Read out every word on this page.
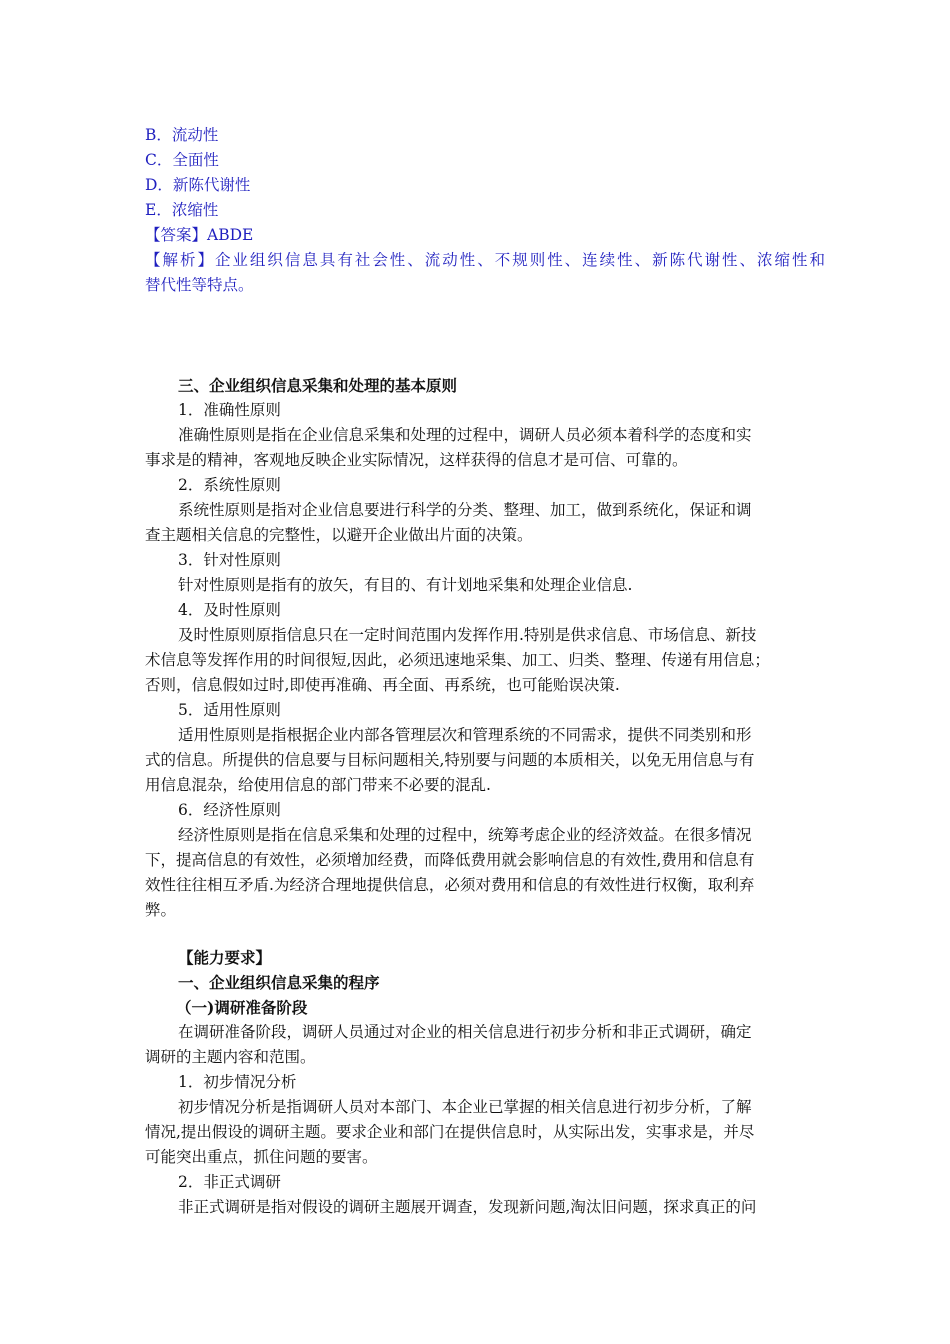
B．流动性

C．全面性

D．新陈代谢性

E．浓缩性

【答案】ABDE

【解析】企业组织信息具有社会性、流动性、不规则性、连续性、新陈代谢性、浓缩性和

替代性等特点。

三、企业组织信息采集和处理的基本原则

1．准确性原则

准确性原则是指在企业信息采集和处理的过程中，调研人员必须本着科学的态度和实

事求是的精神，客观地反映企业实际情况，这样获得的信息才是可信、可靠的。

2．系统性原则

系统性原则是指对企业信息要进行科学的分类、整理、加工，做到系统化，保证和调

查主题相关信息的完整性，以避开企业做出片面的决策。

3．针对性原则

针对性原则是指有的放矢，有目的、有计划地采集和处理企业信息.

4．及时性原则

及时性原则原指信息只在一定时间范围内发挥作用.特别是供求信息、市场信息、新技

术信息等发挥作用的时间很短,因此，必须迅速地采集、加工、归类、整理、传递有用信息；

否则，信息假如过时,即使再准确、再全面、再系统，也可能贻误决策.

5．适用性原则

适用性原则是指根据企业内部各管理层次和管理系统的不同需求，提供不同类别和形

式的信息。所提供的信息要与目标问题相关,特别要与问题的本质相关，以免无用信息与有

用信息混杂，给使用信息的部门带来不必要的混乱.

6．经济性原则

经济性原则是指在信息采集和处理的过程中，统筹考虑企业的经济效益。在很多情况

下，提高信息的有效性，必须增加经费，而降低费用就会影响信息的有效性,费用和信息有

效性往往相互矛盾.为经济合理地提供信息，必须对费用和信息的有效性进行权衡，取利弃

弊。

【能力要求】

一、企业组织信息采集的程序

（一)调研准备阶段

在调研准备阶段，调研人员通过对企业的相关信息进行初步分析和非正式调研，确定

调研的主题内容和范围。

1．初步情况分析

初步情况分析是指调研人员对本部门、本企业已掌握的相关信息进行初步分析，了解

情况,提出假设的调研主题。要求企业和部门在提供信息时，从实际出发，实事求是，并尽

可能突出重点，抓住问题的要害。

2．非正式调研

非正式调研是指对假设的调研主题展开调查，发现新问题,淘汰旧问题，探求真正的问
